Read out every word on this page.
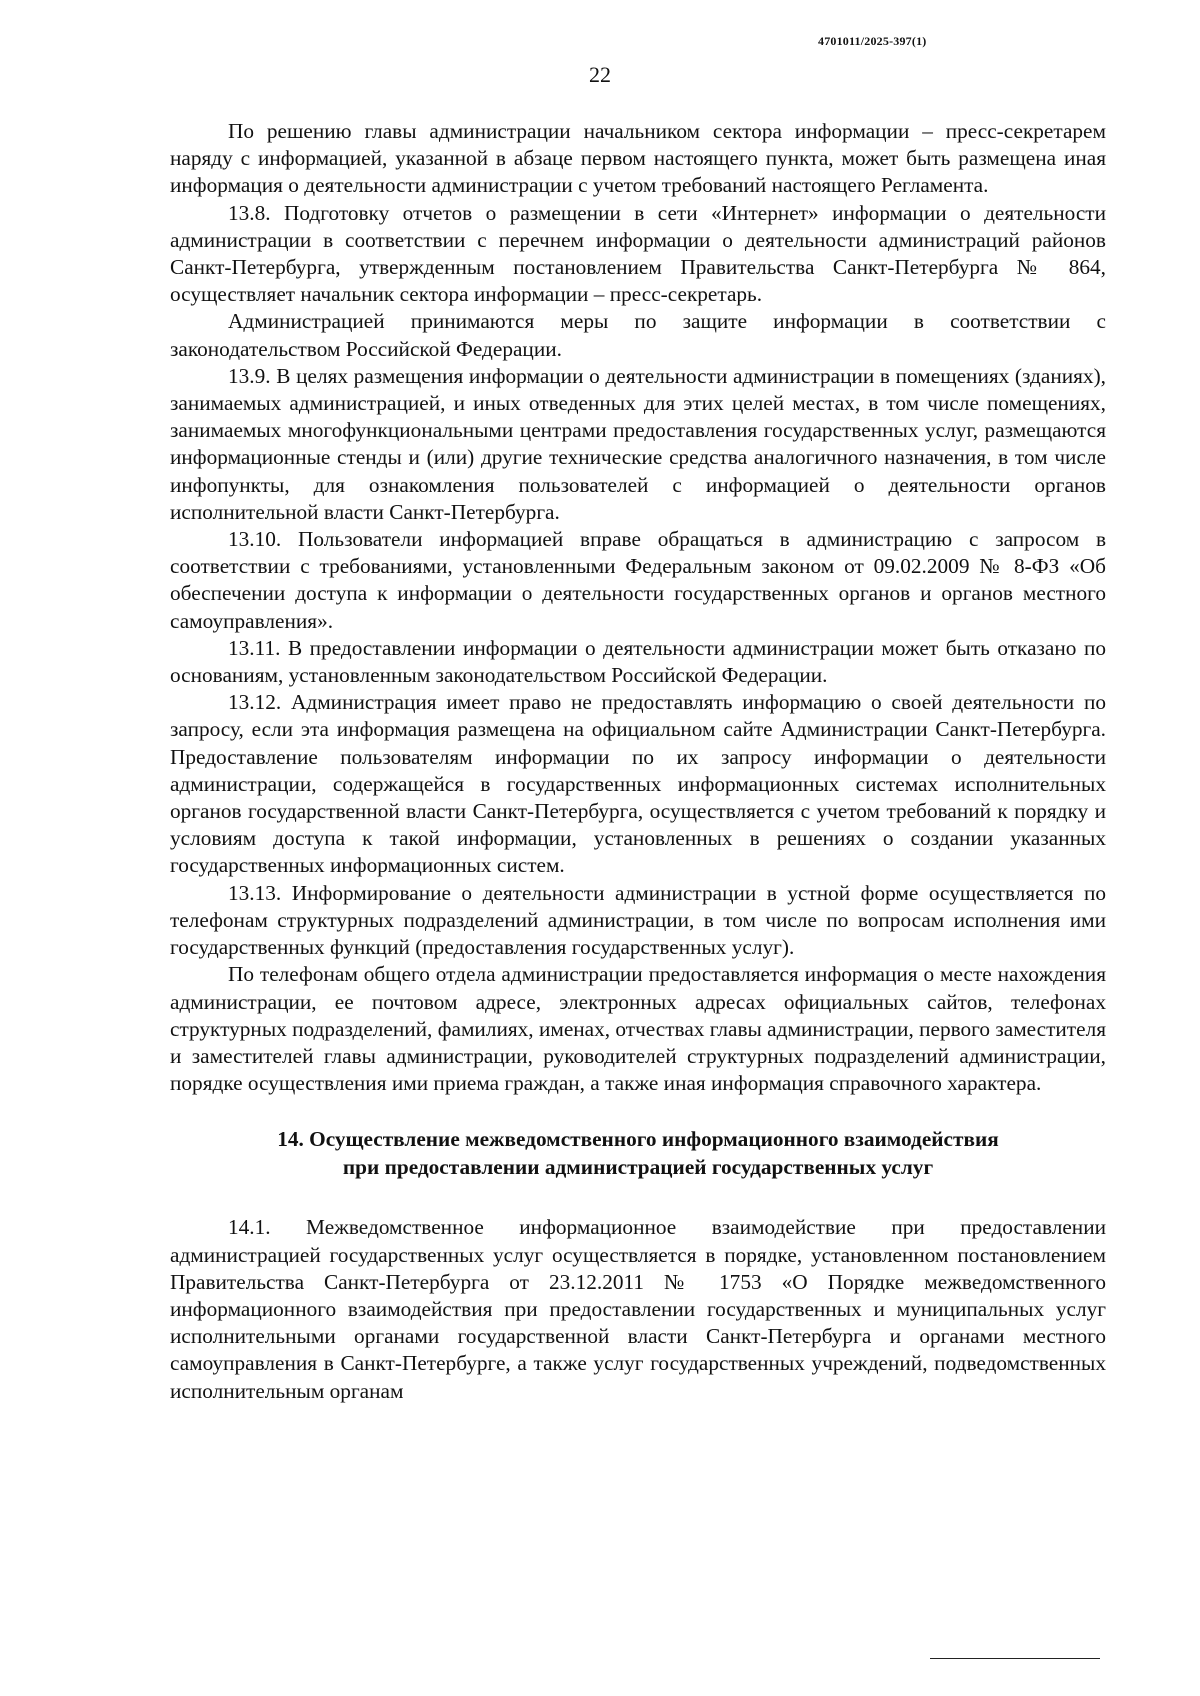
4701011/2025-397(1)
22

По решению главы администрации начальником сектора информации – пресс-секретарем наряду с информацией, указанной в абзаце первом настоящего пункта, может быть размещена иная информация о деятельности администрации с учетом требований настоящего Регламента.

13.8. Подготовку отчетов о размещении в сети «Интернет» информации о деятельности администрации в соответствии с перечнем информации о деятельности администраций районов Санкт-Петербурга, утвержденным постановлением Правительства Санкт-Петербурга № 864, осуществляет начальник сектора информации – пресс-секретарь.

Администрацией принимаются меры по защите информации в соответствии с законодательством Российской Федерации.

13.9. В целях размещения информации о деятельности администрации в помещениях (зданиях), занимаемых администрацией, и иных отведенных для этих целей местах, в том числе помещениях, занимаемых многофункциональными центрами предоставления государственных услуг, размещаются информационные стенды и (или) другие технические средства аналогичного назначения, в том числе инфопункты, для ознакомления пользователей с информацией о деятельности органов исполнительной власти Санкт-Петербурга.

13.10. Пользователи информацией вправе обращаться в администрацию с запросом в соответствии с требованиями, установленными Федеральным законом от 09.02.2009 № 8-ФЗ «Об обеспечении доступа к информации о деятельности государственных органов и органов местного самоуправления».

13.11. В предоставлении информации о деятельности администрации может быть отказано по основаниям, установленным законодательством Российской Федерации.

13.12. Администрация имеет право не предоставлять информацию о своей деятельности по запросу, если эта информация размещена на официальном сайте Администрации Санкт-Петербурга. Предоставление пользователям информации по их запросу информации о деятельности администрации, содержащейся в государственных информационных системах исполнительных органов государственной власти Санкт-Петербурга, осуществляется с учетом требований к порядку и условиям доступа к такой информации, установленных в решениях о создании указанных государственных информационных систем.

13.13. Информирование о деятельности администрации в устной форме осуществляется по телефонам структурных подразделений администрации, в том числе по вопросам исполнения ими государственных функций (предоставления государственных услуг).

По телефонам общего отдела администрации предоставляется информация о месте нахождения администрации, ее почтовом адресе, электронных адресах официальных сайтов, телефонах структурных подразделений, фамилиях, именах, отчествах главы администрации, первого заместителя и заместителей главы администрации, руководителей структурных подразделений администрации, порядке осуществления ими приема граждан, а также иная информация справочного характера.

14. Осуществление межведомственного информационного взаимодействия
при предоставлении администрацией государственных услуг

14.1. Межведомственное информационное взаимодействие при предоставлении администрацией государственных услуг осуществляется в порядке, установленном постановлением Правительства Санкт-Петербурга от 23.12.2011 № 1753 «О Порядке межведомственного информационного взаимодействия при предоставлении государственных и муниципальных услуг исполнительными органами государственной власти Санкт-Петербурга и органами местного самоуправления в Санкт-Петербурге, а также услуг государственных учреждений, подведомственных исполнительным органам
